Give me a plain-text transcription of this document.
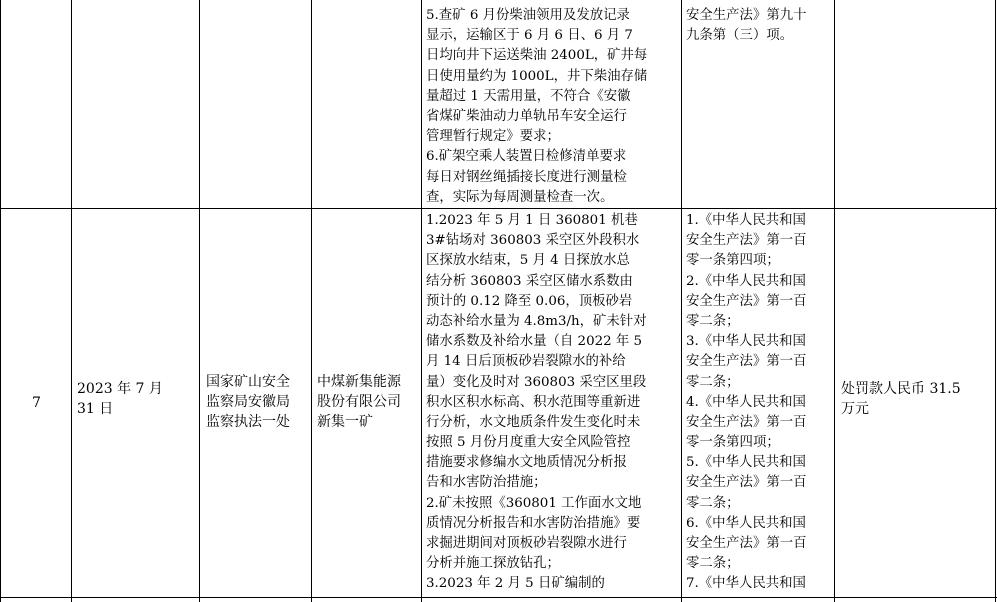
5.查矿 6 月份柴油领用及发放记录
显示，运输区于 6 月 6 日、6 月 7
日均向井下运送柴油 2400L，矿井每
日使用量约为 1000L，井下柴油存储
量超过 1 天需用量，不符合《安徽
省煤矿柴油动力单轨吊车安全运行
管理暂行规定》要求；
6.矿架空乘人装置日检修清单要求
每日对钢丝绳插接长度进行测量检
查，实际为每周测量检查一次。
安全生产法》第九十
九条第（三）项。
7
2023 年 7 月
31 日
国家矿山安全
监察局安徽局
监察执法一处
中煤新集能源
股份有限公司
新集一矿
1.2023 年 5 月 1 日 360801 机巷
3#钻场对 360803 采空区外段积水
区探放水结束，5 月 4 日探放水总
结分析 360803 采空区储水系数由
预计的 0.12 降至 0.06，顶板砂岩
动态补给水量为 4.8m3/h，矿未针对
储水系数及补给水量（自 2022 年 5
月 14 日后顶板砂岩裂隙水的补给
量）变化及时对 360803 采空区里段
积水区积水标高、积水范围等重新进
行分析，水文地质条件发生变化时未
按照 5 月份月度重大安全风险管控
措施要求修编水文地质情况分析报
告和水害防治措施；
2.矿未按照《360801 工作面水文地
质情况分析报告和水害防治措施》要
求掘进期间对顶板砂岩裂隙水进行
分析并施工探放钻孔；
3.2023 年 2 月 5 日矿编制的
1.《中华人民共和国
安全生产法》第一百
零一条第四项；
2.《中华人民共和国
安全生产法》第一百
零二条；
3.《中华人民共和国
安全生产法》第一百
零二条；
4.《中华人民共和国
安全生产法》第一百
零一条第四项；
5.《中华人民共和国
安全生产法》第一百
零二条；
6.《中华人民共和国
安全生产法》第一百
零二条；
7.《中华人民共和国
处罚款人民币 31.5
万元
